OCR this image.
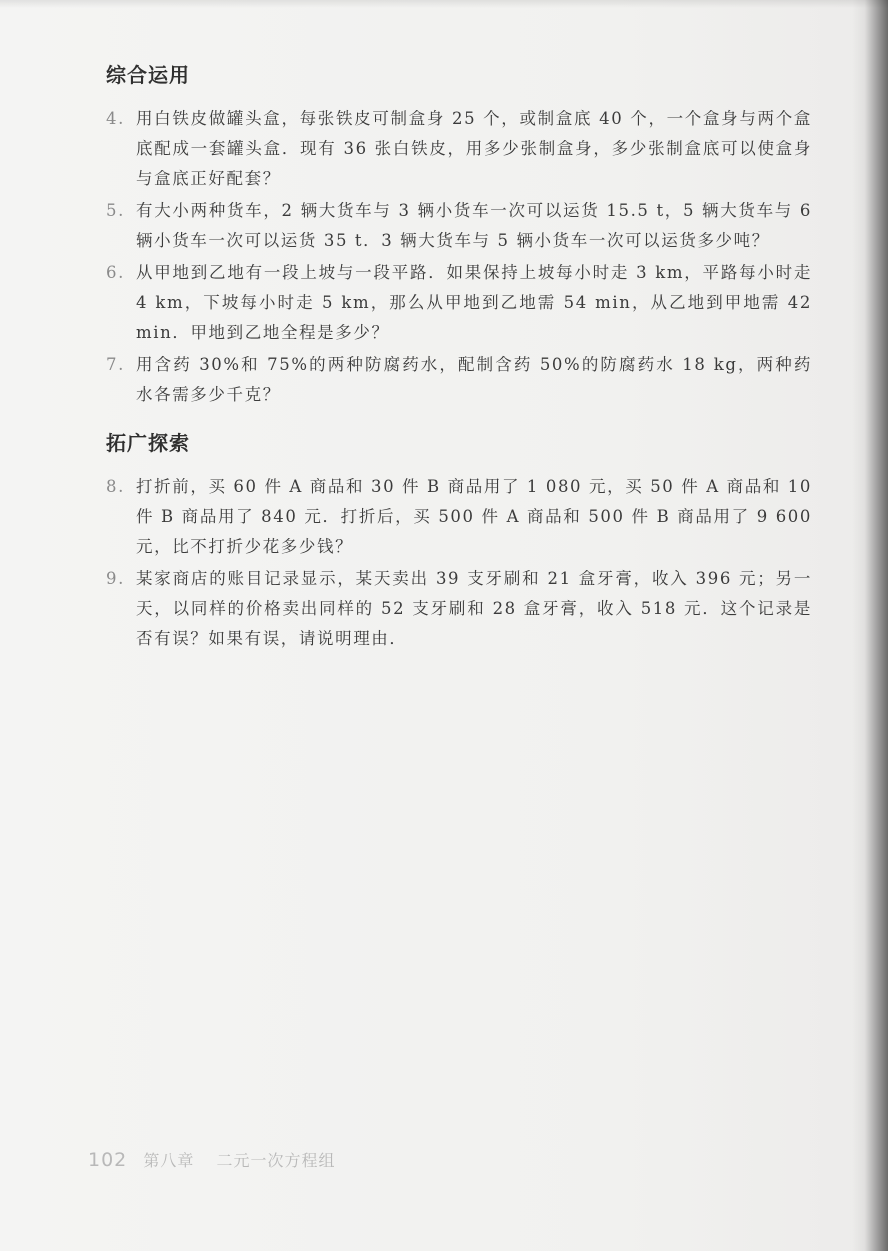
综合运用
4. 用白铁皮做罐头盒，每张铁皮可制盒身 25 个，或制盒底 40 个，一个盒身与两个盒底配成一套罐头盒．现有 36 张白铁皮，用多少张制盒身，多少张制盒底可以使盒身与盒底正好配套？
5. 有大小两种货车，2 辆大货车与 3 辆小货车一次可以运货 15.5 t，5 辆大货车与 6 辆小货车一次可以运货 35 t．3 辆大货车与 5 辆小货车一次可以运货多少吨？
6. 从甲地到乙地有一段上坡与一段平路．如果保持上坡每小时走 3 km，平路每小时走 4 km，下坡每小时走 5 km，那么从甲地到乙地需 54 min，从乙地到甲地需 42 min．甲地到乙地全程是多少？
7. 用含药 30%和 75%的两种防腐药水，配制含药 50%的防腐药水 18 kg，两种药水各需多少千克？
拓广探索
8. 打折前，买 60 件 A 商品和 30 件 B 商品用了 1 080 元，买 50 件 A 商品和 10 件 B 商品用了 840 元．打折后，买 500 件 A 商品和 500 件 B 商品用了 9 600 元，比不打折少花多少钱？
9. 某家商店的账目记录显示，某天卖出 39 支牙刷和 21 盒牙膏，收入 396 元；另一天，以同样的价格卖出同样的 52 支牙刷和 28 盒牙膏，收入 518 元．这个记录是否有误？如果有误，请说明理由．
102 第八章 二元一次方程组
